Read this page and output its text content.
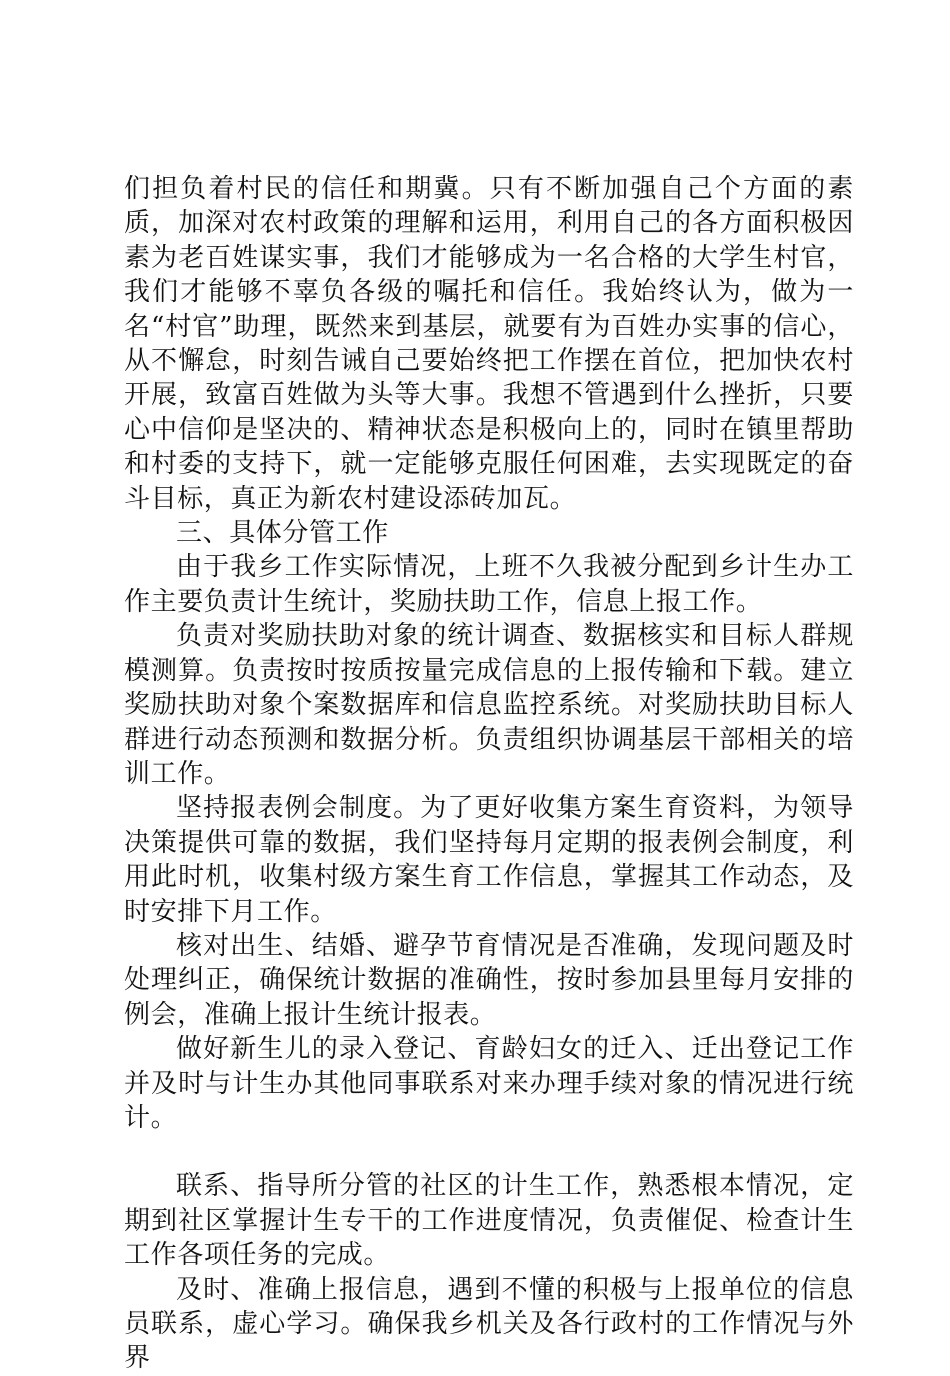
们担负着村民的信任和期冀。只有不断加强自己个方面的素质，加深对农村政策的理解和运用，利用自己的各方面积极因素为老百姓谋实事，我们才能够成为一名合格的大学生村官，我们才能够不辜负各级的嘱托和信任。我始终认为，做为一名“村官”助理，既然来到基层，就要有为百姓办实事的信心，从不懈怠，时刻告诫自己要始终把工作摆在首位，把加快农村开展，致富百姓做为头等大事。我想不管遇到什么挫折，只要心中信仰是坚决的、精神状态是积极向上的，同时在镇里帮助和村委的支持下，就一定能够克服任何困难，去实现既定的奋斗目标，真正为新农村建设添砖加瓦。

三、具体分管工作

由于我乡工作实际情况，上班不久我被分配到乡计生办工作主要负责计生统计，奖励扶助工作，信息上报工作。

负责对奖励扶助对象的统计调查、数据核实和目标人群规模测算。负责按时按质按量完成信息的上报传输和下载。建立奖励扶助对象个案数据库和信息监控系统。对奖励扶助目标人群进行动态预测和数据分析。负责组织协调基层干部相关的培训工作。

坚持报表例会制度。为了更好收集方案生育资料，为领导决策提供可靠的数据，我们坚持每月定期的报表例会制度，利用此时机，收集村级方案生育工作信息，掌握其工作动态，及时安排下月工作。

核对出生、结婚、避孕节育情况是否准确，发现问题及时处理纠正，确保统计数据的准确性，按时参加县里每月安排的例会，准确上报计生统计报表。

做好新生儿的录入登记、育龄妇女的迁入、迁出登记工作并及时与计生办其他同事联系对来办理手续对象的情况进行统计。

联系、指导所分管的社区的计生工作，熟悉根本情况，定期到社区掌握计生专干的工作进度情况，负责催促、检查计生工作各项任务的完成。

及时、准确上报信息，遇到不懂的积极与上报单位的信息员联系，虚心学习。确保我乡机关及各行政村的工作情况与外界
